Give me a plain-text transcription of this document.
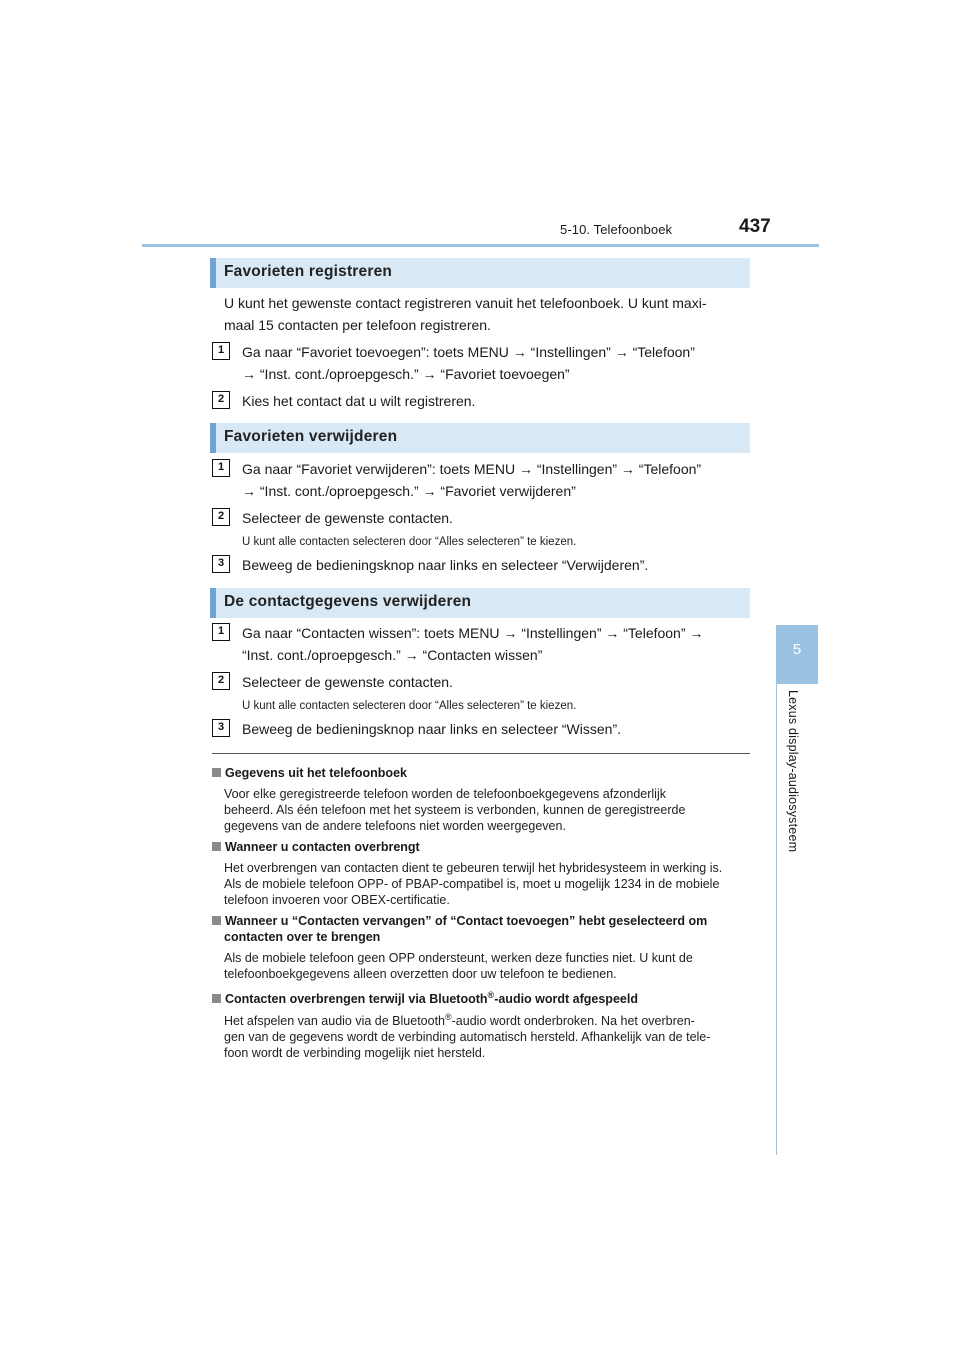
5-10. Telefoonboek	437
5
Lexus display-audiosysteem
Favorieten registreren
U kunt het gewenste contact registreren vanuit het telefoonboek. U kunt maxi-
maal 15 contacten per telefoon registreren.
1	Ga naar “Favoriet toevoegen”: toets MENU → “Instellingen” → “Telefoon”
→ “Inst. cont./oproepgesch.” → “Favoriet toevoegen”
2	Kies het contact dat u wilt registreren.
Favorieten verwijderen
1	Ga naar “Favoriet verwijderen”: toets MENU → “Instellingen” → “Telefoon”
→ “Inst. cont./oproepgesch.” → “Favoriet verwijderen”
2	Selecteer de gewenste contacten.
U kunt alle contacten selecteren door “Alles selecteren” te kiezen.
3	Beweeg de bedieningsknop naar links en selecteer “Verwijderen”.
De contactgegevens verwijderen
1	Ga naar “Contacten wissen”: toets MENU → “Instellingen” → “Telefoon” →
“Inst. cont./oproepgesch.” → “Contacten wissen”
2	Selecteer de gewenste contacten.
U kunt alle contacten selecteren door “Alles selecteren” te kiezen.
3	Beweeg de bedieningsknop naar links en selecteer “Wissen”.
Gegevens uit het telefoonboek
Voor elke geregistreerde telefoon worden de telefoonboekgegevens afzonderlijk
beheerd. Als één telefoon met het systeem is verbonden, kunnen de geregistreerde
gegevens van de andere telefoons niet worden weergegeven.
Wanneer u contacten overbrengt
Het overbrengen van contacten dient te gebeuren terwijl het hybridesysteem in werking is.
Als de mobiele telefoon OPP- of PBAP-compatibel is, moet u mogelijk 1234 in de mobiele
telefoon invoeren voor OBEX-certificatie.
Wanneer u “Contacten vervangen” of “Contact toevoegen” hebt geselecteerd om
contacten over te brengen
Als de mobiele telefoon geen OPP ondersteunt, werken deze functies niet. U kunt de
telefoonboekgegevens alleen overzetten door uw telefoon te bedienen.
Contacten overbrengen terwijl via Bluetooth®-audio wordt afgespeeld
Het afspelen van audio via de Bluetooth®-audio wordt onderbroken. Na het overbren-
gen van de gegevens wordt de verbinding automatisch hersteld. Afhankelijk van de tele-
foon wordt de verbinding mogelijk niet hersteld.
